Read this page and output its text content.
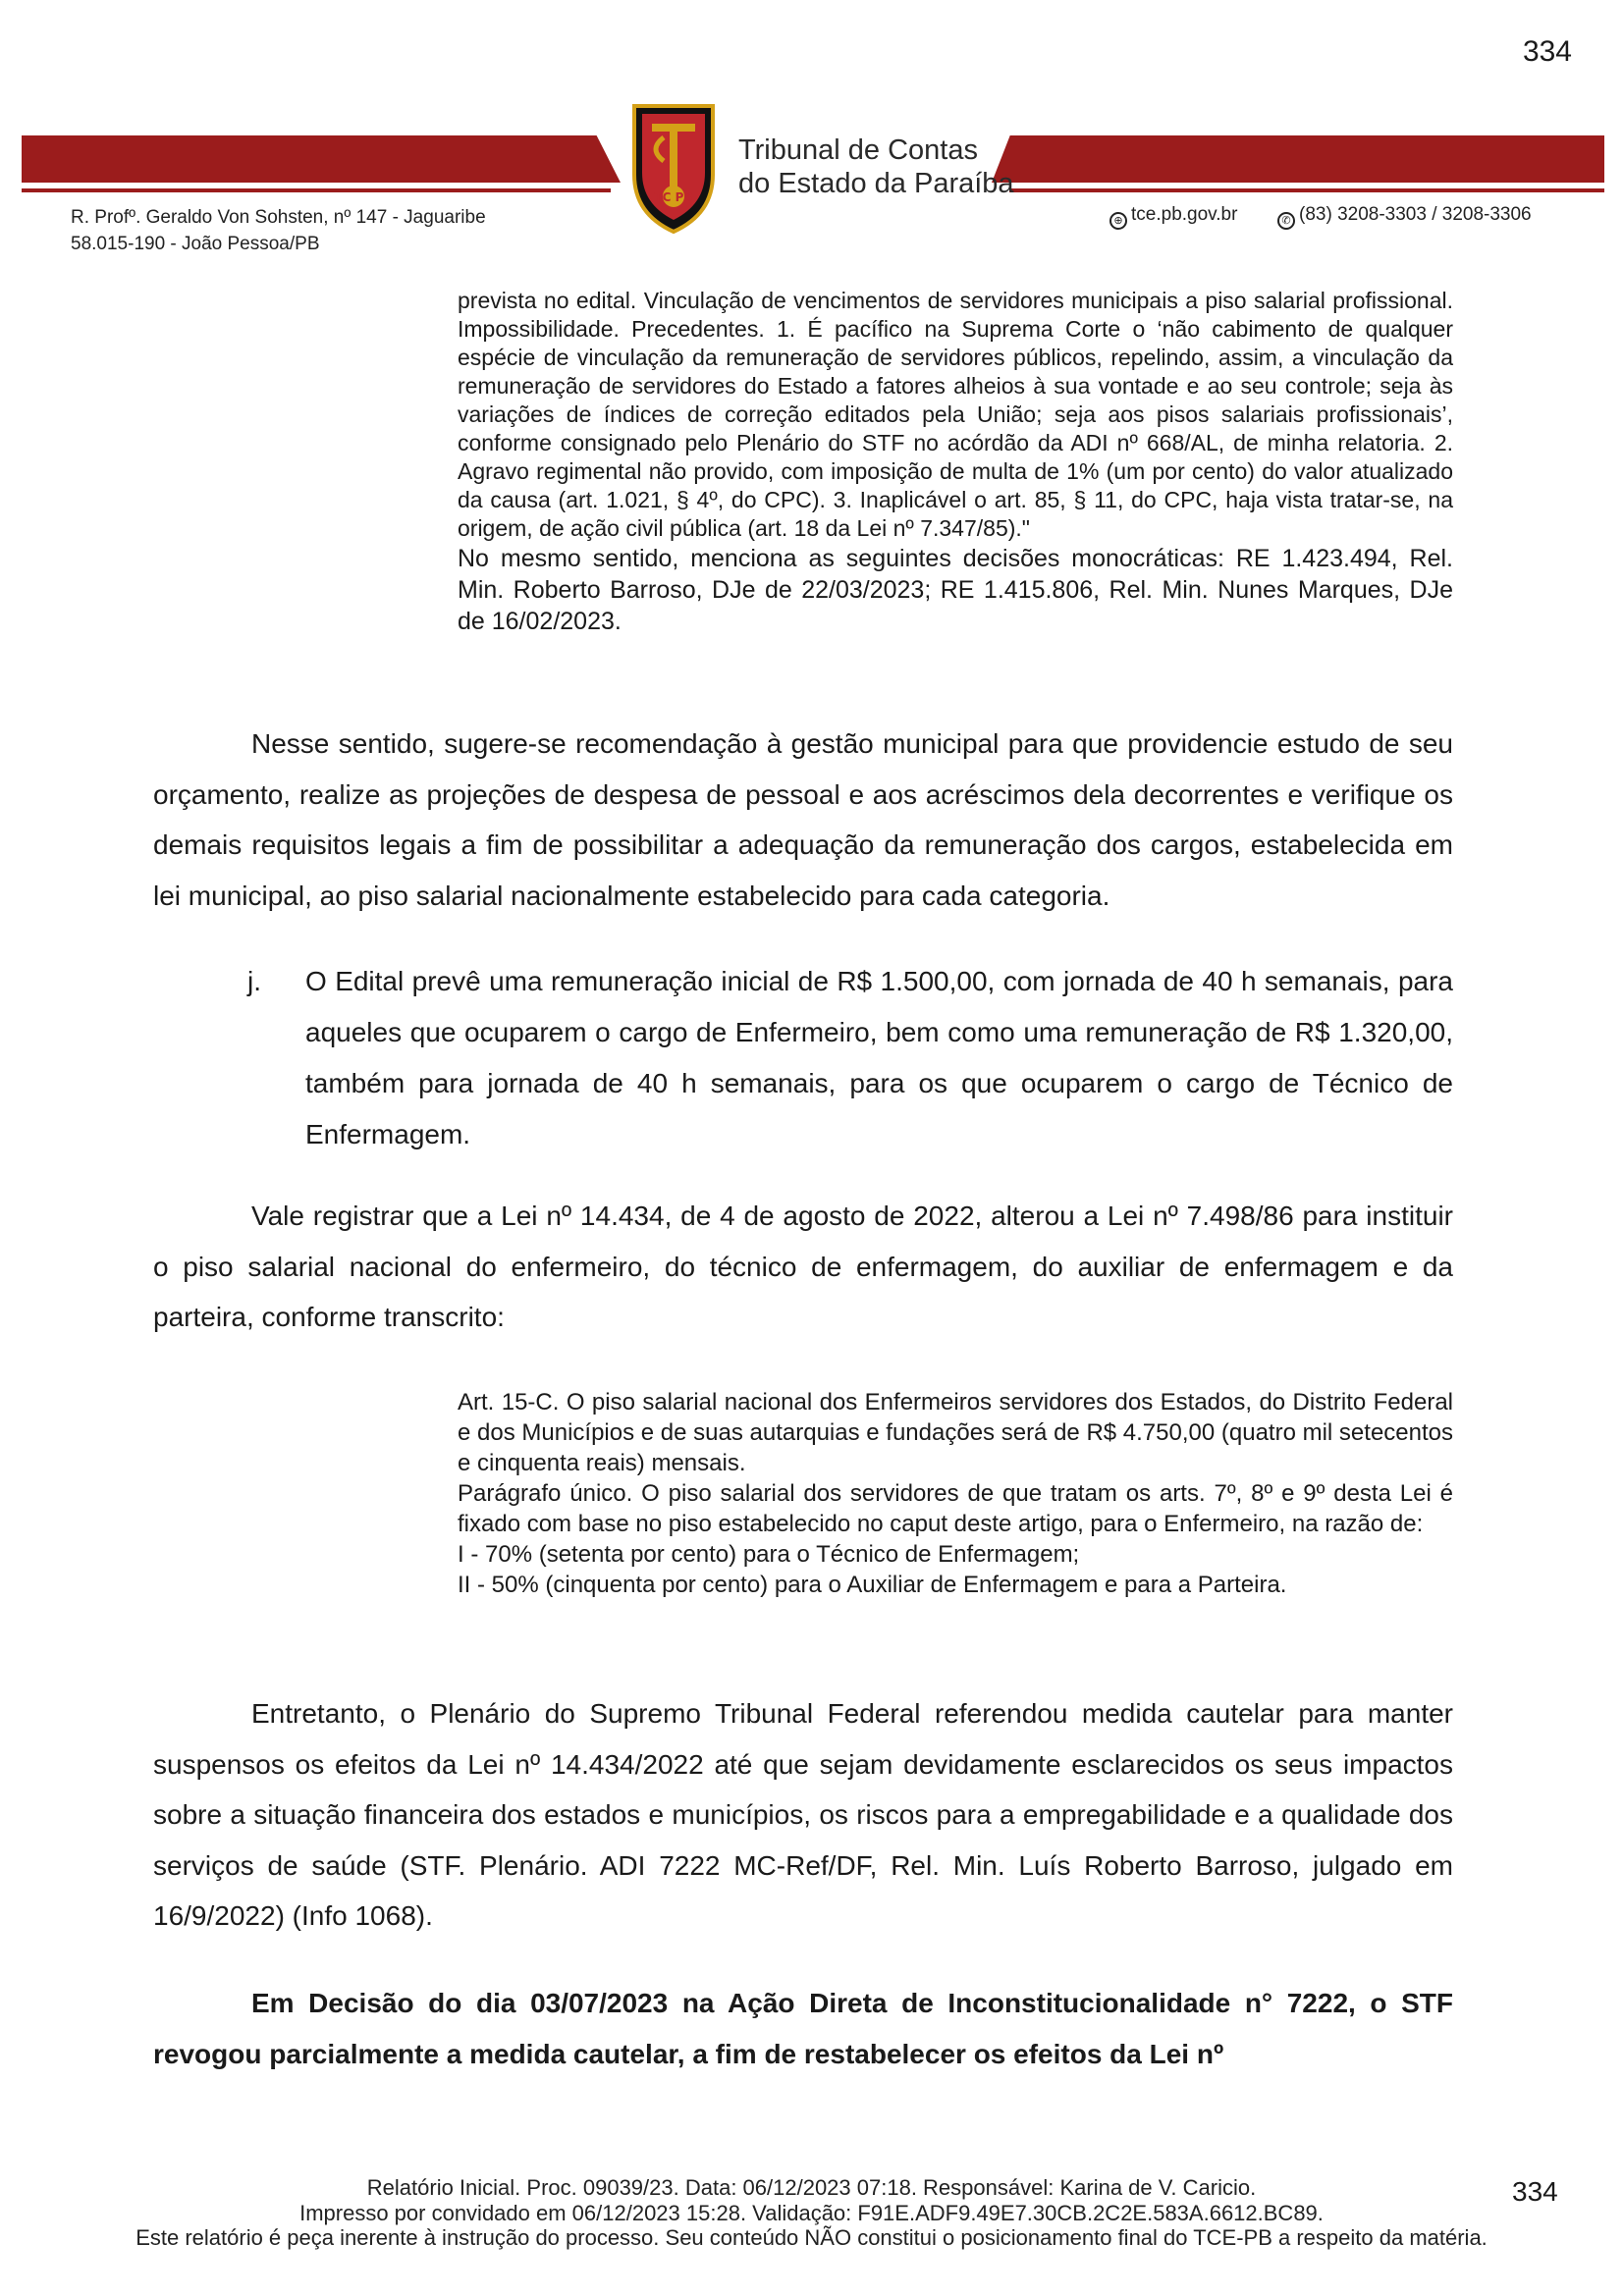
334
TC PB
Tribunal de Contas
do Estado da Paraíba
R. Profº. Geraldo Von Sohsten, nº 147 - Jaguaribe
58.015-190 - João Pessoa/PB
⊕ tce.pb.gov.br	✆ (83) 3208-3303 / 3208-3306

prevista no edital. Vinculação de vencimentos de servidores municipais a piso salarial profissional. Impossibilidade. Precedentes. 1. É pacífico na Suprema Corte o ‘não cabimento de qualquer espécie de vinculação da remuneração de servidores públicos, repelindo, assim, a vinculação da remuneração de servidores do Estado a fatores alheios à sua vontade e ao seu controle; seja às variações de índices de correção editados pela União; seja aos pisos salariais profissionais’, conforme consignado pelo Plenário do STF no acórdão da ADI nº 668/AL, de minha relatoria. 2. Agravo regimental não provido, com imposição de multa de 1% (um por cento) do valor atualizado da causa (art. 1.021, § 4º, do CPC). 3. Inaplicável o art. 85, § 11, do CPC, haja vista tratar-se, na origem, de ação civil pública (art. 18 da Lei nº 7.347/85)."

No mesmo sentido, menciona as seguintes decisões monocráticas: RE 1.423.494, Rel. Min. Roberto Barroso, DJe de 22/03/2023; RE 1.415.806, Rel. Min. Nunes Marques, DJe de 16/02/2023.

Nesse sentido, sugere-se recomendação à gestão municipal para que providencie estudo de seu orçamento, realize as projeções de despesa de pessoal e aos acréscimos dela decorrentes e verifique os demais requisitos legais a fim de possibilitar a adequação da remuneração dos cargos, estabelecida em lei municipal, ao piso salarial nacionalmente estabelecido para cada categoria.

j. O Edital prevê uma remuneração inicial de R$ 1.500,00, com jornada de 40 h semanais, para aqueles que ocuparem o cargo de Enfermeiro, bem como uma remuneração de R$ 1.320,00, também para jornada de 40 h semanais, para os que ocuparem o cargo de Técnico de Enfermagem.

Vale registrar que a Lei nº 14.434, de 4 de agosto de 2022, alterou a Lei nº 7.498/86 para instituir o piso salarial nacional do enfermeiro, do técnico de enfermagem, do auxiliar de enfermagem e da parteira, conforme transcrito:

Art. 15-C. O piso salarial nacional dos Enfermeiros servidores dos Estados, do Distrito Federal e dos Municípios e de suas autarquias e fundações será de R$ 4.750,00 (quatro mil setecentos e cinquenta reais) mensais.

Parágrafo único. O piso salarial dos servidores de que tratam os arts. 7º, 8º e 9º desta Lei é fixado com base no piso estabelecido no caput deste artigo, para o Enfermeiro, na razão de:

I - 70% (setenta por cento) para o Técnico de Enfermagem;

II - 50% (cinquenta por cento) para o Auxiliar de Enfermagem e para a Parteira.

Entretanto, o Plenário do Supremo Tribunal Federal referendou medida cautelar para manter suspensos os efeitos da Lei nº 14.434/2022 até que sejam devidamente esclarecidos os seus impactos sobre a situação financeira dos estados e municípios, os riscos para a empregabilidade e a qualidade dos serviços de saúde (STF. Plenário. ADI 7222 MC-Ref/DF, Rel. Min. Luís Roberto Barroso, julgado em 16/9/2022) (Info 1068).

Em Decisão do dia 03/07/2023 na Ação Direta de Inconstitucionalidade n° 7222, o STF revogou parcialmente a medida cautelar, a fim de restabelecer os efeitos da Lei nº

Relatório Inicial. Proc. 09039/23. Data: 06/12/2023 07:18. Responsável: Karina de V. Caricio.	334
Impresso por convidado em 06/12/2023 15:28. Validação: F91E.ADF9.49E7.30CB.2C2E.583A.6612.BC89.
Este relatório é peça inerente à instrução do processo. Seu conteúdo NÃO constitui o posicionamento final do TCE-PB a respeito da matéria.
